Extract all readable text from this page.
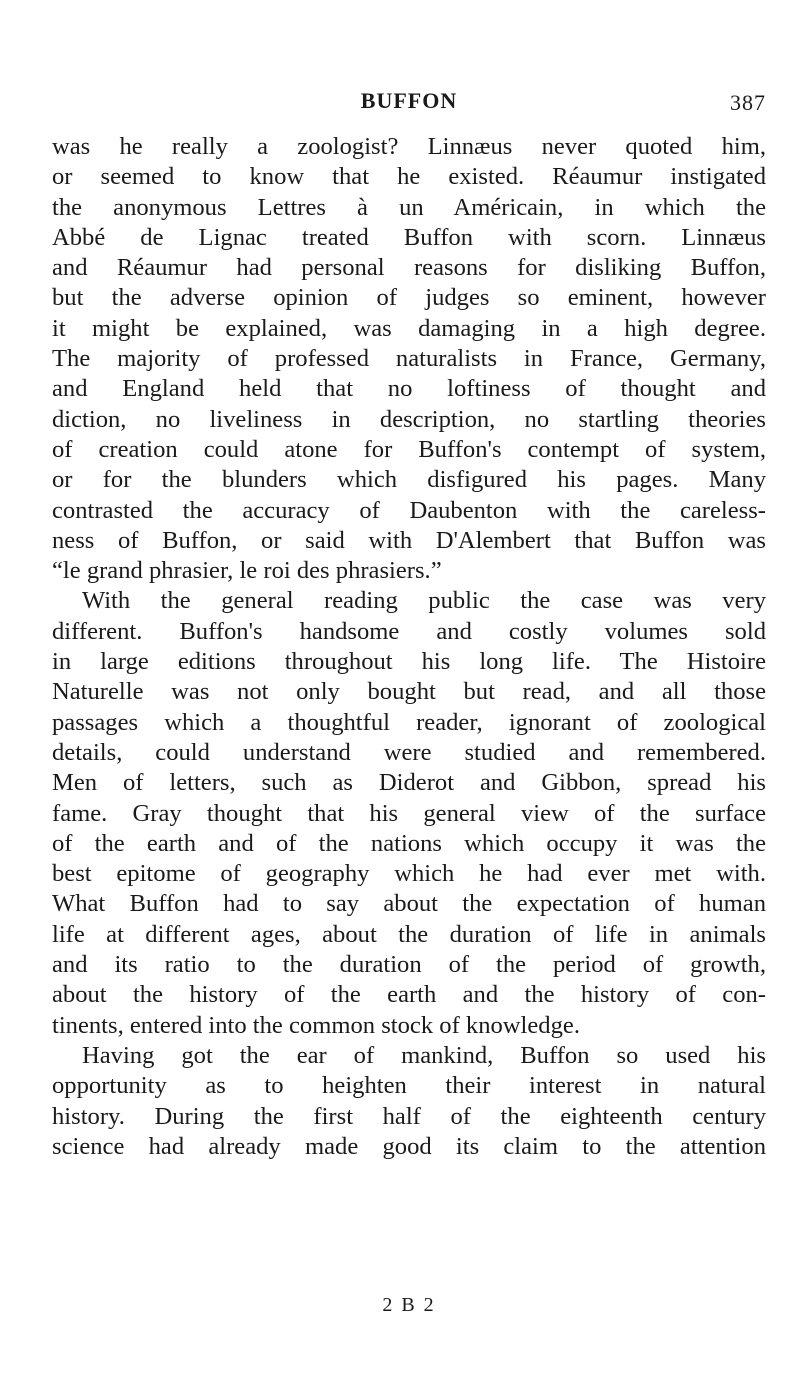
BUFFON	387
was he really a zoologist? Linnæus never quoted him,
or seemed to know that he existed. Réaumur instigated
the anonymous Lettres à un Américain, in which the
Abbé de Lignac treated Buffon with scorn. Linnæus
and Réaumur had personal reasons for disliking Buffon,
but the adverse opinion of judges so eminent, however
it might be explained, was damaging in a high degree.
The majority of professed naturalists in France, Germany,
and England held that no loftiness of thought and
diction, no liveliness in description, no startling theories
of creation could atone for Buffon's contempt of system,
or for the blunders which disfigured his pages. Many
contrasted the accuracy of Daubenton with the careless-
ness of Buffon, or said with D'Alembert that Buffon was
“le grand phrasier, le roi des phrasiers.”
With the general reading public the case was very
different. Buffon's handsome and costly volumes sold
in large editions throughout his long life. The Histoire
Naturelle was not only bought but read, and all those
passages which a thoughtful reader, ignorant of zoological
details, could understand were studied and remembered.
Men of letters, such as Diderot and Gibbon, spread his
fame. Gray thought that his general view of the surface
of the earth and of the nations which occupy it was the
best epitome of geography which he had ever met with.
What Buffon had to say about the expectation of human
life at different ages, about the duration of life in animals
and its ratio to the duration of the period of growth,
about the history of the earth and the history of con-
tinents, entered into the common stock of knowledge.
Having got the ear of mankind, Buffon so used his
opportunity as to heighten their interest in natural
history. During the first half of the eighteenth century
science had already made good its claim to the attention
2 B 2
